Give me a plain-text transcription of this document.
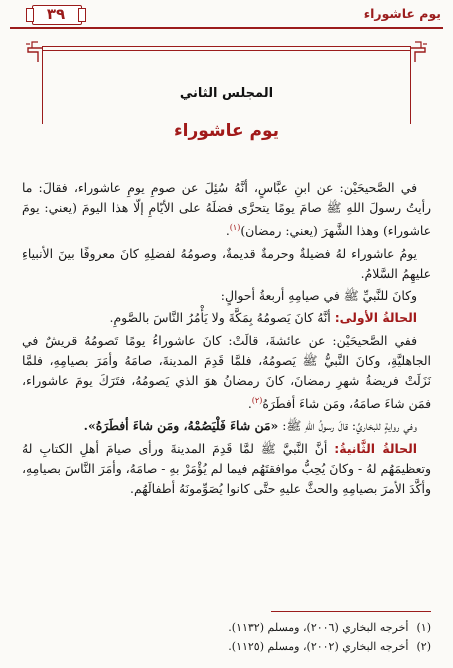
يوم عاشوراء
٣٩
المجلس الثاني
يوم عاشوراء

في الصَّحيحَيْن: عن ابنِ عبَّاسٍ، أنَّهُ سُئِلَ عن صومِ يومِ عاشوراء، فقالَ: ما رأيتُ رسولَ اللهِ ﷺ صامَ يومًا يتحرَّى فضلَهُ على الأيّامِ إلّا هذا اليومَ (يعني: يومَ عاشوراء) وهذا الشَّهرَ (يعني: رمضان)$^{(١)}$.

يومُ عاشوراء لهُ فضيلةٌ وحرمةٌ قديمةٌ، وصومُهُ لفضلِهِ كانَ معروفًا بينَ الأنبياءِ عليهِمُ السَّلامُ.

وكانَ للنَّبيِّ ﷺ في صيامِهِ أربعةُ أحوالٍ:

الحالةُ الأولى: أنَّهُ كانَ يَصومُهُ بِمَكَّةَ ولا يَأْمُرُ النَّاسَ بالصَّومِ.

ففي الصَّحيحَيْن: عن عائشةَ، قالَتْ: كانَ عاشوراءُ يومًا تَصومُهُ قريشٌ في الجاهليَّةِ، وكانَ النَّبيُّ ﷺ يَصومُهُ، فلمَّا قَدِمَ المدينةَ، صامَهُ وأمَرَ بصيامِهِ، فلمَّا نَزَلَتْ فريضةُ شهرِ رمضانَ، كانَ رمضانُ هوَ الذي يَصومُهُ، فتَرَكَ يومَ عاشوراء، فمَن شاءَ صامَهُ، ومَن شاءَ أفطَرَهُ$^{(٢)}$.

وفي روايةٍ للبخاريِّ: قالَ رسولُ اللهِ ﷺ: «مَن شاءَ فَلْيَصُمْهُ، ومَن شاءَ أفطَرَهُ».

الحالةُ الثَّانيةُ: أنَّ النَّبيَّ ﷺ لمَّا قَدِمَ المدينةَ ورأى صيامَ أهلِ الكتابِ لهُ وتعظيمَهُم لهُ - وكانَ يُحِبُّ موافقتَهُم فيما لم يُؤْمَرْ بهِ - صامَهُ، وأمَرَ النَّاسَ بصيامِهِ، وأكَّدَ الأمرَ بصيامِهِ والحثَّ عليهِ حتَّى كانوا يُصَوِّمونَهُ أطفالَهُم.

(١)
أخرجه البخاري (٢٠٠٦)، ومسلم (١١٣٢).
(٢)
أخرجه البخاري (٢٠٠٢)، ومسلم (١١٢٥).
